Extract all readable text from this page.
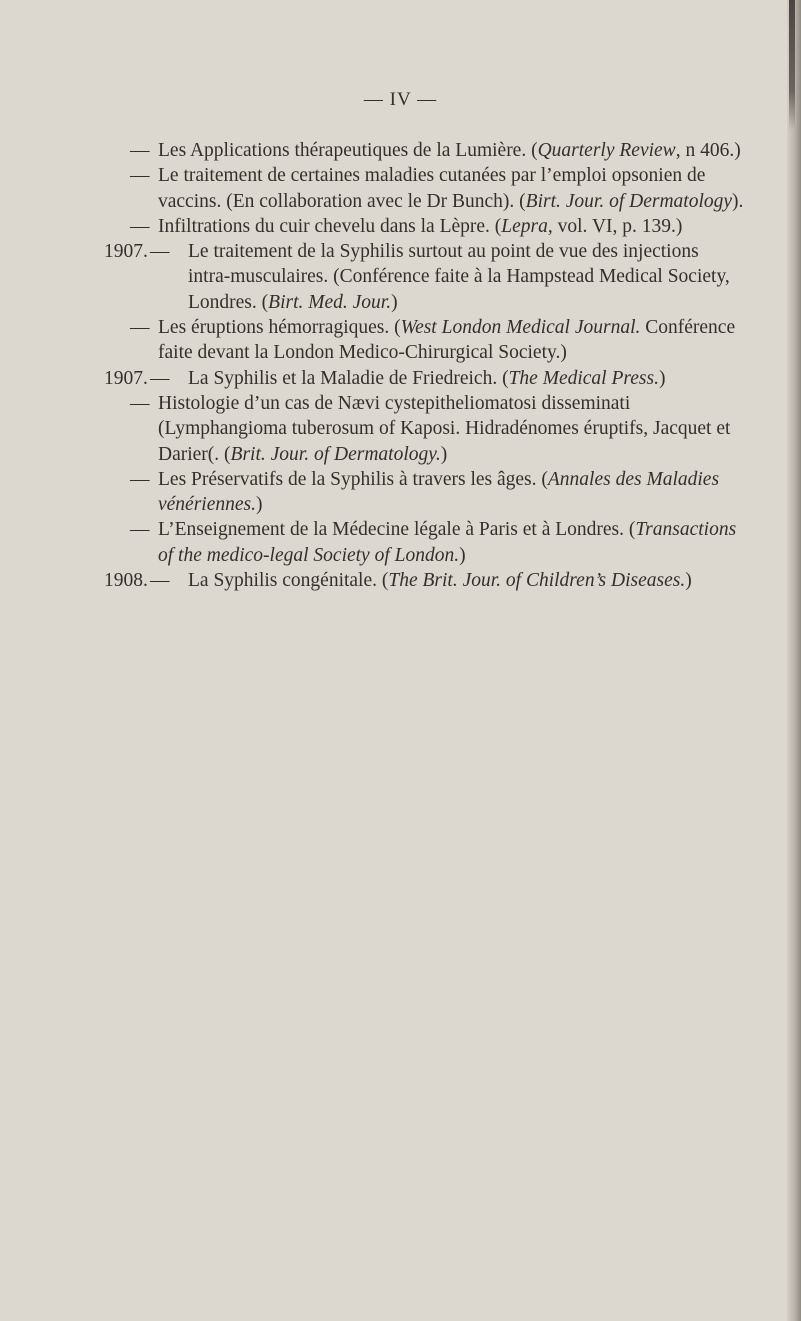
— IV —
— Les Applications thérapeutiques de la Lumière. (Quarterly Review, n 406.)
— Le traitement de certaines maladies cutanées par l’emploi opsonien de vaccins. (En collaboration avec le Dr Bunch). (Birt. Jour. of Dermatology).
— Infiltrations du cuir chevelu dans la Lèpre. (Lepra, vol. VI, p. 139.)
1907. — Le traitement de la Syphilis surtout au point de vue des injections intra-musculaires. (Conférence faite à la Hampstead Medical Society, Londres. (Birt. Med. Jour.)
— Les éruptions hémorragiques. (West London Medical Journal. Conférence faite devant la London Medico-Chirurgical Society.)
1907. — La Syphilis et la Maladie de Friedreich. (The Medical Press.)
— Histologie d’un cas de Nævi cystepitheliomatosi disseminati (Lymphangioma tuberosum of Kaposi. Hidradénomes éruptifs, Jacquet et Darier(. (Brit. Jour. of Dermatology.)
— Les Préservatifs de la Syphilis à travers les âges. (Annales des Maladies vénériennes.)
— L’Enseignement de la Médecine légale à Paris et à Londres. (Transactions of the medico-legal Society of London.)
1908. — La Syphilis congénitale. (The Brit. Jour. of Children’s Diseases.)
